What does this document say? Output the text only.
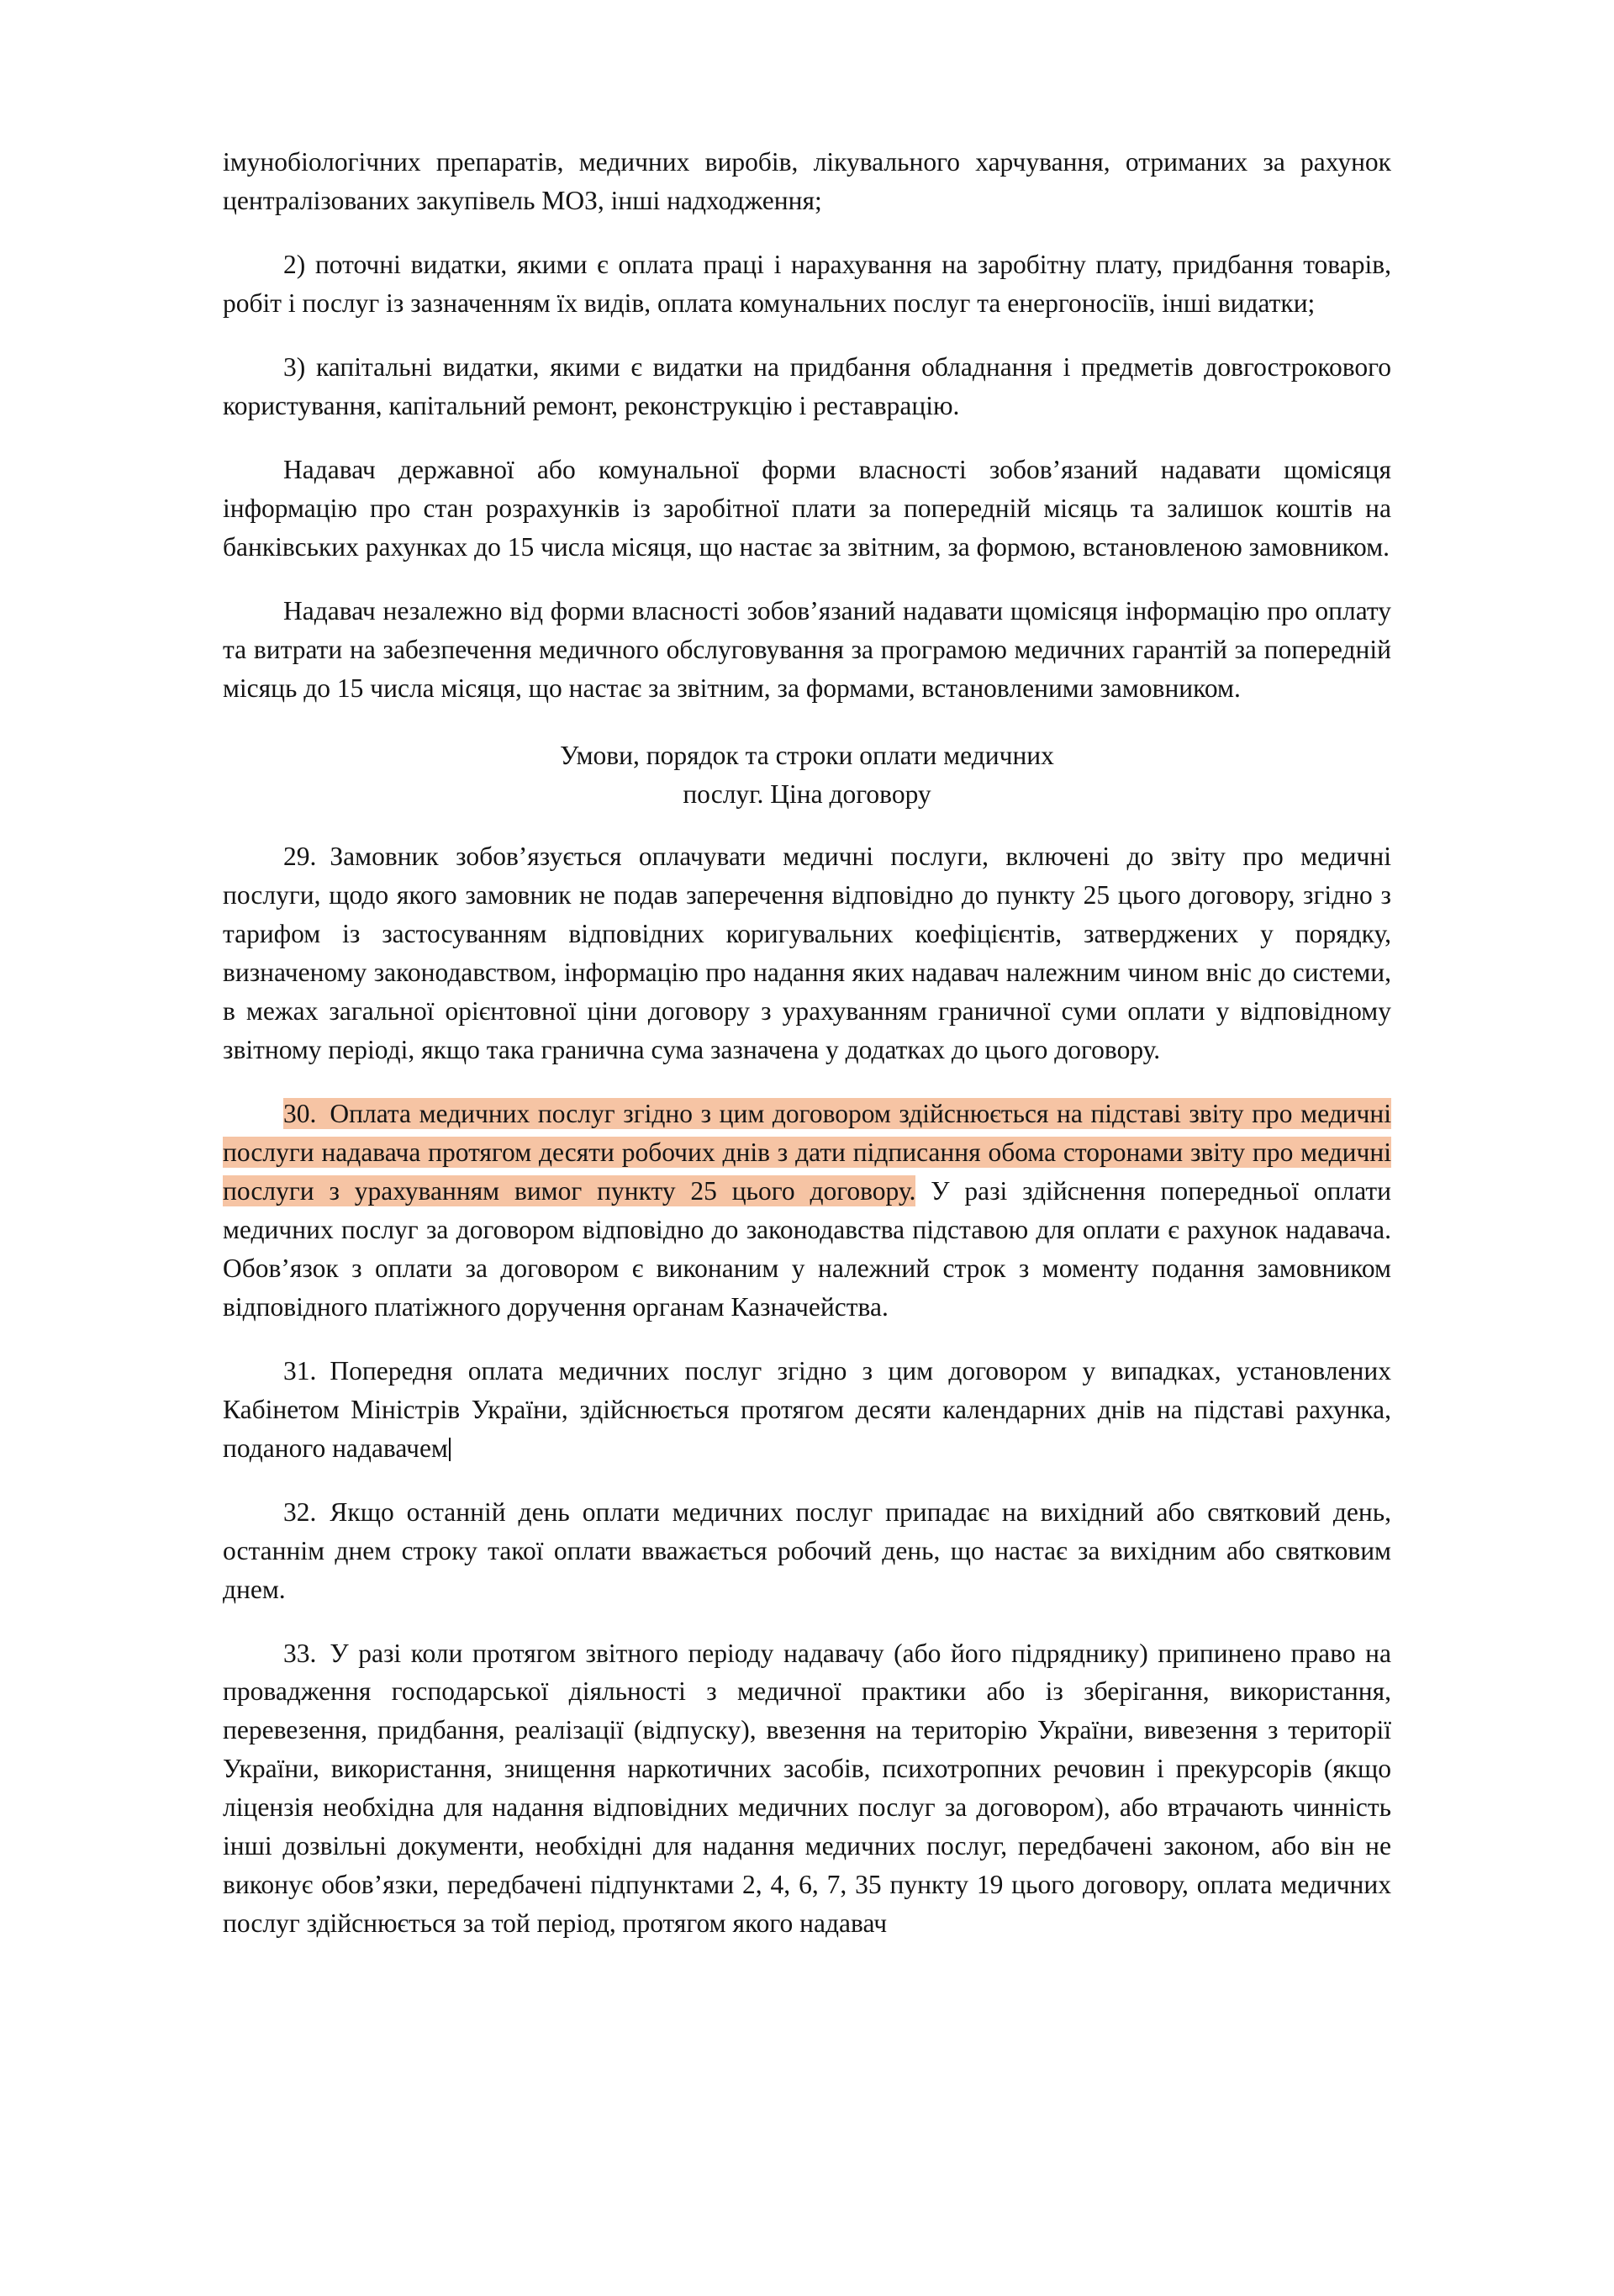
імунобіологічних препаратів, медичних виробів, лікувального харчування, отриманих за рахунок централізованих закупівель МОЗ, інші надходження;

2) поточні видатки, якими є оплата праці і нарахування на заробітну плату, придбання товарів, робіт і послуг із зазначенням їх видів, оплата комунальних послуг та енергоносіїв, інші видатки;

3) капітальні видатки, якими є видатки на придбання обладнання і предметів довгострокового користування, капітальний ремонт, реконструкцію і реставрацію.

Надавач державної або комунальної форми власності зобов’язаний надавати щомісяця інформацію про стан розрахунків із заробітної плати за попередній місяць та залишок коштів на банківських рахунках до 15 числа місяця, що настає за звітним, за формою, встановленою замовником.

Надавач незалежно від форми власності зобов’язаний надавати щомісяця інформацію про оплату та витрати на забезпечення медичного обслуговування за програмою медичних гарантій за попередній місяць до 15 числа місяця, що настає за звітним, за формами, встановленими замовником.

Умови, порядок та строки оплати медичних
послуг. Ціна договору

29. Замовник зобов’язується оплачувати медичні послуги, включені до звіту про медичні послуги, щодо якого замовник не подав заперечення відповідно до пункту 25 цього договору, згідно з тарифом із застосуванням відповідних коригувальних коефіцієнтів, затверджених у порядку, визначеному законодавством, інформацію про надання яких надавач належним чином вніс до системи, в межах загальної орієнтовної ціни договору з урахуванням граничної суми оплати у відповідному звітному періоді, якщо така гранична сума зазначена у додатках до цього договору.

30. Оплата медичних послуг згідно з цим договором здійснюється на підставі звіту про медичні послуги надавача протягом десяти робочих днів з дати підписання обома сторонами звіту про медичні послуги з урахуванням вимог пункту 25 цього договору. У разі здійснення попередньої оплати медичних послуг за договором відповідно до законодавства підставою для оплати є рахунок надавача. Обов’язок з оплати за договором є виконаним у належний строк з моменту подання замовником відповідного платіжного доручення органам Казначейства.

31. Попередня оплата медичних послуг згідно з цим договором у випадках, установлених Кабінетом Міністрів України, здійснюється протягом десяти календарних днів на підставі рахунка, поданого надавачем

32. Якщо останній день оплати медичних послуг припадає на вихідний або святковий день, останнім днем строку такої оплати вважається робочий день, що настає за вихідним або святковим днем.

33. У разі коли протягом звітного періоду надавачу (або його підряднику) припинено право на провадження господарської діяльності з медичної практики або із зберігання, використання, перевезення, придбання, реалізації (відпуску), ввезення на територію України, вивезення з території України, використання, знищення наркотичних засобів, психотропних речовин і прекурсорів (якщо ліцензія необхідна для надання відповідних медичних послуг за договором), або втрачають чинність інші дозвільні документи, необхідні для надання медичних послуг, передбачені законом, або він не виконує обов’язки, передбачені підпунктами 2, 4, 6, 7, 35 пункту 19 цього договору, оплата медичних послуг здійснюється за той період, протягом якого надавач
